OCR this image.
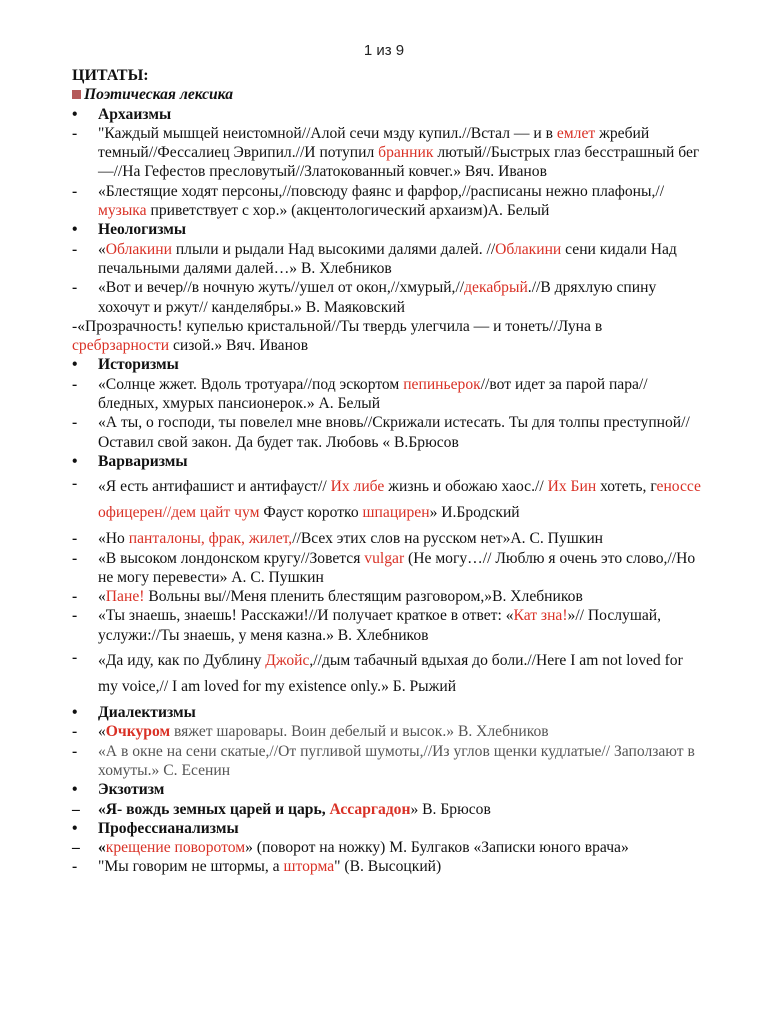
1 из 9
ЦИТАТЫ:
Поэтическая лексика
• Архаизмы
- "Каждый мышцей неистомной//Алой сечи мзду купил.//Встал — и в емлет жребий темный//Фессалиец Эврипил.//И потупил бранник лютый//Быстрых глаз бесстрашный бег —//На Гефестов пресловутый//Златокованный ковчег.» Вяч. Иванов
- «Блестящие ходят персоны,//повсюду фаянс и фарфор,//расписаны нежно плафоны,//музыка приветствует с хор.» (акцентологический архаизм)А. Белый
• Неологизмы
- «Облакини плыли и рыдали Над высокими далями далей. //Облакини сени кидали Над печальными далями далей…» В. Хлебников
- «Вот и вечер//в ночную жуть//ушел от окон,//хмурый,//декабрый.//В дряхлую спину хохочут и ржут// канделябры.» В. Маяковский
-«Прозрачность! купелью кристальной//Ты твердь улегчила — и тонеть//Луна в сребрзарности сизой.» Вяч. Иванов
• Историзмы
- «Солнце жжет. Вдоль тротуара//под эскортом пепиньерок//вот идет за парой пара//бледных, хмурых пансионерок.» А. Белый
- «А ты, о господи, ты повелел мне вновь//Скрижали истесать. Ты для толпы преступной//Оставил свой закон. Да будет так. Любовь « В.Брюсов
• Варваризмы
- «Я есть антифашист и антифауст// Их либе жизнь и обожаю хаос.// Их Бин хотеть, геноссе офицерен//дем цайт чум Фауст коротко шпацирен» И.Бродский
- «Но панталоны, фрак, жилет,//Всех этих слов на русском нет»А. С. Пушкин
- «В высоком лондонском кругу//Зовется vulgar (Не могу…// Люблю я очень это слово,//Но не могу перевести» А. С. Пушкин
- «Пане! Вольны вы//Меня пленить блестящим разговором,»В. Хлебников
- «Ты знаешь, знаешь! Расскажи!//И получает краткое в ответ: «Кат зна!»// Послушай, услужи://Ты знаешь, у меня казна.» В. Хлебников
- «Да иду, как по Дублину Джойс,//дым табачный вдыхая до боли.//Here I am not loved for my voice,// I am loved for my existence only.» Б. Рыжий
• Диалектизмы
- «Очкуром вяжет шаровары. Воин дебелый и высок.» В. Хлебников
- «А в окне на сени скатые,//От пугливой шумоты,//Из углов щенки кудлатые// Заползают в хомуты.» С. Есенин
• Экзотизм
– «Я- вождь земных царей и царь, Ассаргадон» В. Брюсов
• Профессианализмы
– «крещение поворотом» (поворот на ножку) М. Булгаков «Записки юного врача»
- "Мы говорим не штормы, а шторма" (В. Высоцкий)
